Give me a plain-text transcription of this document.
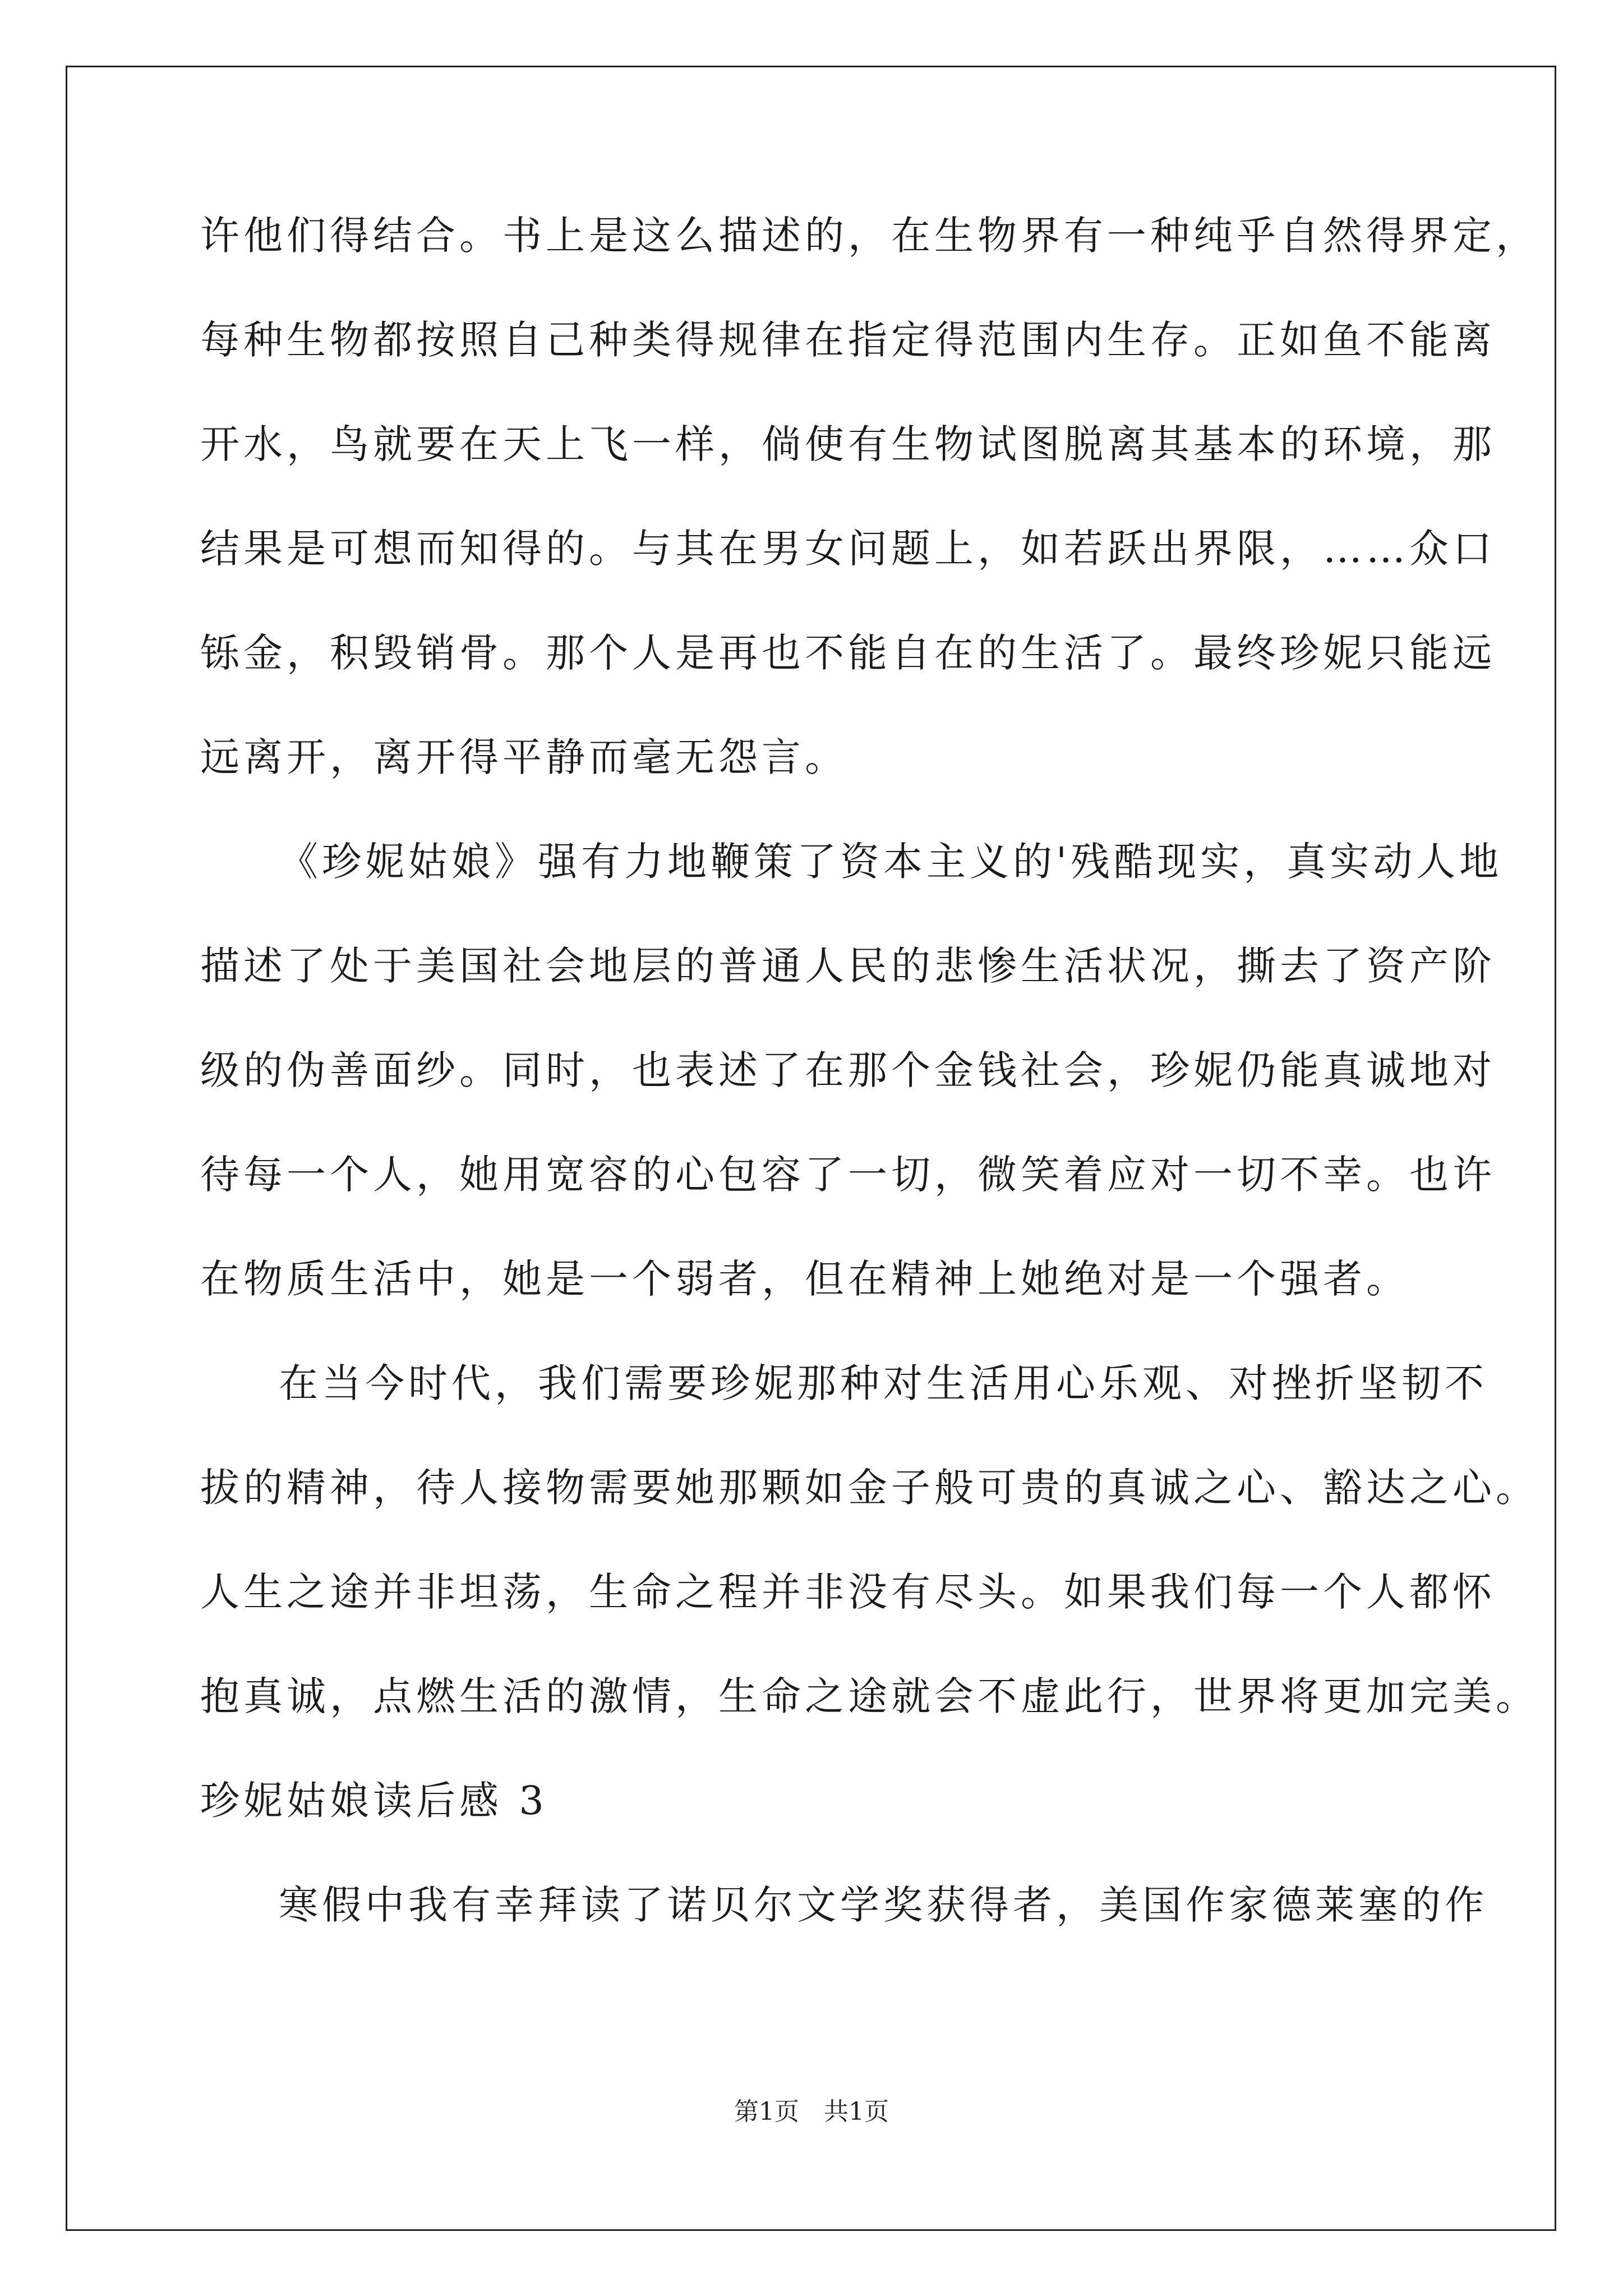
许他们得结合。书上是这么描述的，在生物界有一种纯乎自然得界定，
每种生物都按照自己种类得规律在指定得范围内生存。正如鱼不能离
开水，鸟就要在天上飞一样，倘使有生物试图脱离其基本的环境，那
结果是可想而知得的。与其在男女问题上，如若跃出界限，……众口
铄金，积毁销骨。那个人是再也不能自在的生活了。最终珍妮只能远
远离开，离开得平静而毫无怨言。
《珍妮姑娘》强有力地鞭策了资本主义的'残酷现实，真实动人地
描述了处于美国社会地层的普通人民的悲惨生活状况，撕去了资产阶
级的伪善面纱。同时，也表述了在那个金钱社会，珍妮仍能真诚地对
待每一个人，她用宽容的心包容了一切，微笑着应对一切不幸。也许
在物质生活中，她是一个弱者，但在精神上她绝对是一个强者。
在当今时代，我们需要珍妮那种对生活用心乐观、对挫折坚韧不
拔的精神，待人接物需要她那颗如金子般可贵的真诚之心、豁达之心。
人生之途并非坦荡，生命之程并非没有尽头。如果我们每一个人都怀
抱真诚，点燃生活的激情，生命之途就会不虚此行，世界将更加完美。
珍妮姑娘读后感 3
寒假中我有幸拜读了诺贝尔文学奖获得者，美国作家德莱塞的作
第1页　共1页
